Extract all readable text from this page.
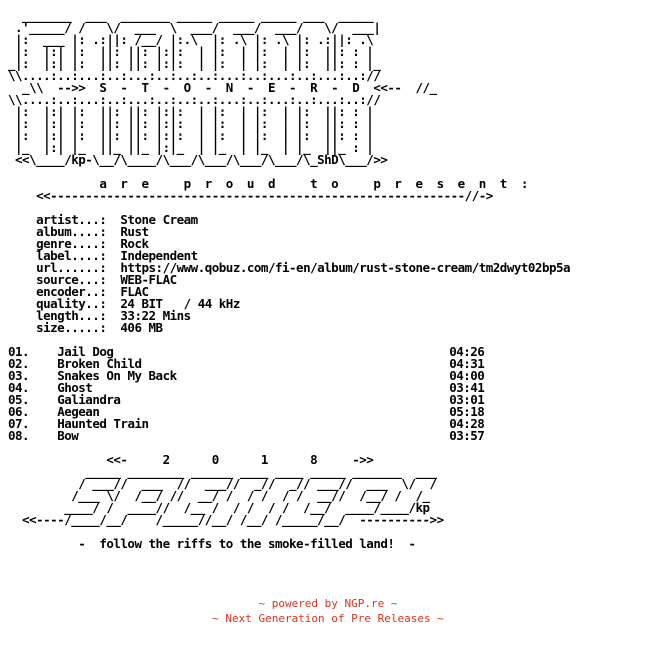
_______  ___  _______ _____ _____ _____ ___  _____
.'_____/ /   \/  ___  \  ___/  ___/  ___/   \/  ___|
|:  ___ |: .:||: /__/ |:.\  |: .\ |: .\ |: .:||: .\
|:  |:| |:  ||: ||: |:|:  | |:  | |:  | |:  ||: : |
_|:  |:| |:  ||: ||: |:|:  | |:  | |:  | |:  ||: : |_
\\....:..:...:..:...:..:..:..:...:..:...:..:...:..://
_\\  -->>  S  -  T  -  O  -  N  -  E  -  R  -  D  <<--  //_
\\....:..:...:..:...:..:..:..:...:..:...:..:...:..://
|:  |:| |:  ||: ||: |:|:  | |:  | |:  | |:  ||: : |
|:  |:| |:  ||: ||: |:|:  | |:  | |:  | |:  ||: : |
|:  |:| |:  ||: ||: |:|:  | |:  | |:  | |:  ||: : |
|_  |:| |_  ||_ ||_ |:|_  | |_  | |_  | |_  ||_ : |
<<\____/kp-\__/\____/\___/\___/\___/\___/\_ShD\___/>>

a  r  e     p  r  o  u  d     t  o     p  r  e  s  e  n  t  :
<<-----------------------------------------------------------//->

artist...:  Stone Cream
album....:  Rust
genre....:  Rock
label....:  Independent
url......:  https://www.qobuz.com/fi-en/album/rust-stone-cream/tm2dwyt02bp5a
source...:  WEB-FLAC
encoder..:  FLAC
quality..:  24 BIT   / 44 kHz
length...:  33:22 Mins
size.....:  406 MB

01. Jail Dog	04:26
02. Broken Child	04:31
03. Snakes On My Back	04:00
04. Ghost	03:41
05. Galiandra	03:01
06. Aegean	05:18
07. Haunted Train	04:28
08. Bow	03:57

<<-     2      0      1      8     ->>
_____ ________ ______ ____ ____ _____ _______  ___
/ ___//  ___  //  ___//  _//  _// ___//  ___  \/  /
/___ \/  /__/ //  __/ /  / /  / /  __//  /__/ /  /_
____/ /  ____//  /__ /  / /  / /  /__/  ____/____/kp
<<----/____/__/    /_____//__/ /__/ /_____/__/  ---------->>

-  follow the riffs to the smoke-filled land!  -
~ powered by NGP.re ~
~ Next Generation of Pre Releases ~
